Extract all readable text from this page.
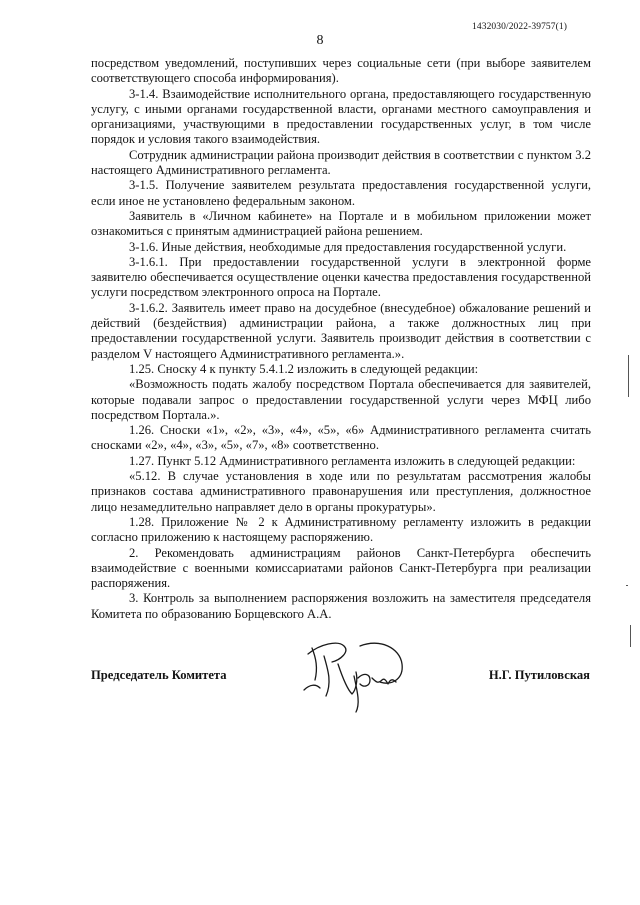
1432030/2022-39757(1)
8

посредством уведомлений, поступивших через социальные сети (при выборе заявителем соответствующего способа информирования).

3-1.4. Взаимодействие исполнительного органа, предоставляющего государственную услугу, с иными органами государственной власти, органами местного самоуправления и организациями, участвующими в предоставлении государственных услуг, в том числе порядок и условия такого взаимодействия.

Сотрудник администрации района производит действия в соответствии с пунктом 3.2 настоящего Административного регламента.

3-1.5. Получение заявителем результата предоставления государственной услуги, если иное не установлено федеральным законом.

Заявитель в «Личном кабинете» на Портале и в мобильном приложении может ознакомиться с принятым администрацией района решением.

3-1.6. Иные действия, необходимые для предоставления государственной услуги.

3-1.6.1. При предоставлении государственной услуги в электронной форме заявителю обеспечивается осуществление оценки качества предоставления государственной услуги посредством электронного опроса на Портале.

3-1.6.2. Заявитель имеет право на досудебное (внесудебное) обжалование решений и действий (бездействия) администрации района, а также должностных лиц при предоставлении государственной услуги. Заявитель производит действия в соответствии с разделом V настоящего Административного регламента.».

1.25. Сноску 4 к пункту 5.4.1.2 изложить в следующей редакции:

«Возможность подать жалобу посредством Портала обеспечивается для заявителей, которые подавали запрос о предоставлении государственной услуги через МФЦ либо посредством Портала.».

1.26. Сноски «1», «2», «3», «4», «5», «6» Административного регламента считать сносками «2», «4», «3», «5», «7», «8» соответственно.

1.27. Пункт 5.12 Административного регламента изложить в следующей редакции:

«5.12. В случае установления в ходе или по результатам рассмотрения жалобы признаков состава административного правонарушения или преступления, должностное лицо незамедлительно направляет дело в органы прокуратуры».

1.28. Приложение № 2 к Административному регламенту изложить в редакции согласно приложению к настоящему распоряжению.

2. Рекомендовать администрациям районов Санкт-Петербурга обеспечить взаимодействие с военными комиссариатами районов Санкт-Петербурга при реализации распоряжения.

3. Контроль за выполнением распоряжения возложить на заместителя председателя Комитета по образованию Борщевского А.А.

Председатель Комитета	Н.Г. Путиловская
